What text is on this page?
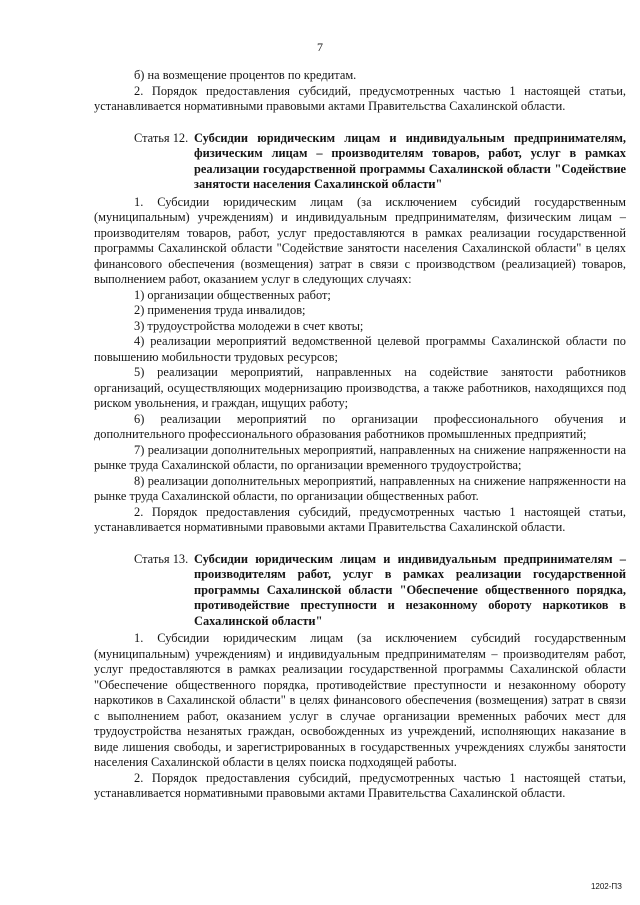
7

б) на возмещение процентов по кредитам.

2. Порядок предоставления субсидий, предусмотренных частью 1 настоящей статьи, устанавливается нормативными правовыми актами Правительства Сахалинской области.

Статья 12. Субсидии юридическим лицам и индивидуальным предпринимателям, физическим лицам – производителям товаров, работ, услуг в рамках реализации государственной программы Сахалинской области "Содействие занятости населения Сахалинской области"

1. Субсидии юридическим лицам (за исключением субсидий государственным (муниципальным) учреждениям) и индивидуальным предпринимателям, физическим лицам – производителям товаров, работ, услуг предоставляются в рамках реализации государственной программы Сахалинской области "Содействие занятости населения Сахалинской области" в целях финансового обеспечения (возмещения) затрат в связи с производством (реализацией) товаров, выполнением работ, оказанием услуг в следующих случаях:

1) организации общественных работ;

2) применения труда инвалидов;

3) трудоустройства молодежи в счет квоты;

4) реализации мероприятий ведомственной целевой программы Сахалинской области по повышению мобильности трудовых ресурсов;

5) реализации мероприятий, направленных на содействие занятости работников организаций, осуществляющих модернизацию производства, а также работников, находящихся под риском увольнения, и граждан, ищущих работу;

6) реализации мероприятий по организации профессионального обучения и дополнительного профессионального образования работников промышленных предприятий;

7) реализации дополнительных мероприятий, направленных на снижение напряженности на рынке труда Сахалинской области, по организации временного трудоустройства;

8) реализации дополнительных мероприятий, направленных на снижение напряженности на рынке труда Сахалинской области, по организации общественных работ.

2. Порядок предоставления субсидий, предусмотренных частью 1 настоящей статьи, устанавливается нормативными правовыми актами Правительства Сахалинской области.

Статья 13. Субсидии юридическим лицам и индивидуальным предпринимателям – производителям работ, услуг в рамках реализации государственной программы Сахалинской области "Обеспечение общественного порядка, противодействие преступности и незаконному обороту наркотиков в Сахалинской области"

1. Субсидии юридическим лицам (за исключением субсидий государственным (муниципальным) учреждениям) и индивидуальным предпринимателям – производителям работ, услуг предоставляются в рамках реализации государственной программы Сахалинской области "Обеспечение общественного порядка, противодействие преступности и незаконному обороту наркотиков в Сахалинской области" в целях финансового обеспечения (возмещения) затрат в связи с выполнением работ, оказанием услуг в случае организации временных рабочих мест для трудоустройства незанятых граждан, освобожденных из учреждений, исполняющих наказание в виде лишения свободы, и зарегистрированных в государственных учреждениях службы занятости населения Сахалинской области в целях поиска подходящей работы.

2. Порядок предоставления субсидий, предусмотренных частью 1 настоящей статьи, устанавливается нормативными правовыми актами Правительства Сахалинской области.

1202-ПЗ
